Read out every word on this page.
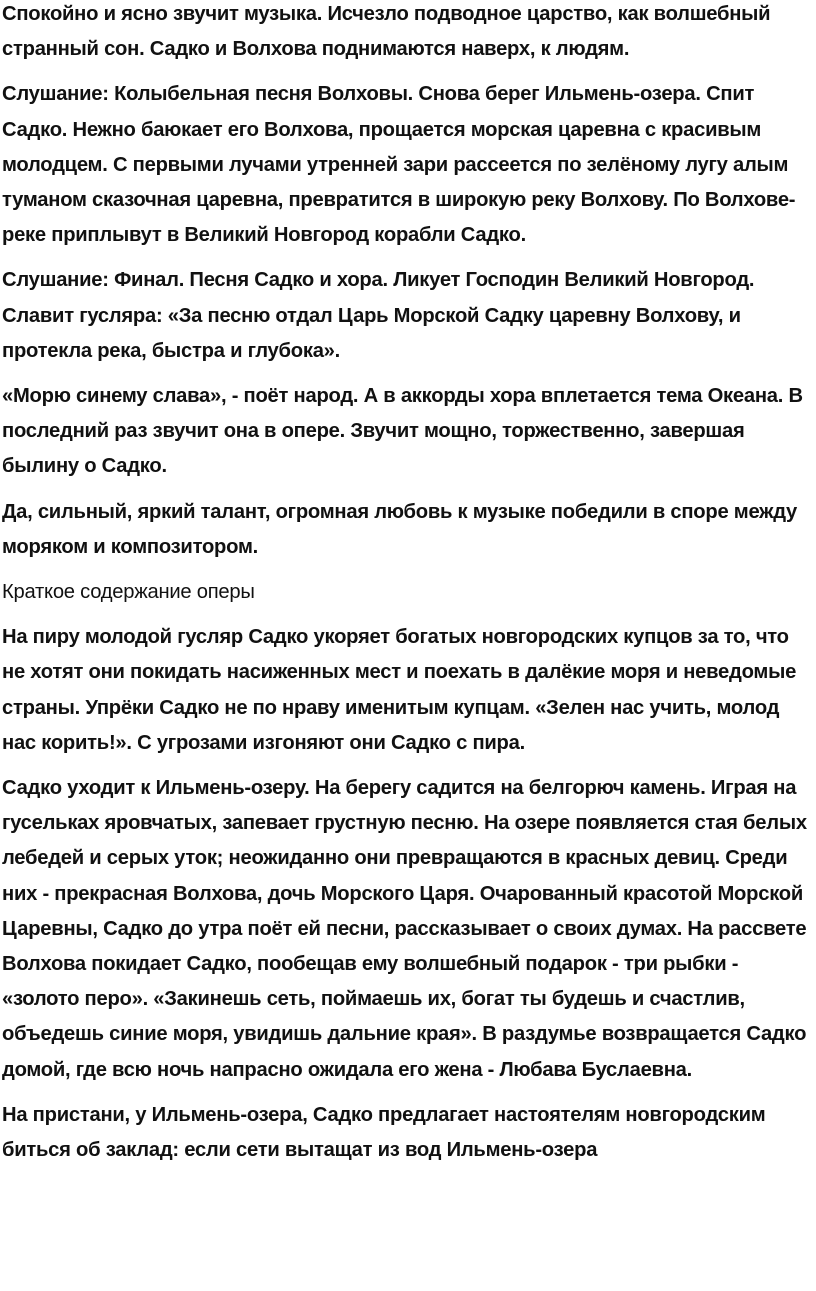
Спокойно и ясно звучит музыка. Исчезло подводное царство, как волшебный странный сон. Садко и Волхова поднимаются наверх, к людям.

Слушание: Колыбельная песня Волховы. Снова берег Ильмень-озера. Спит Садко. Нежно баюкает его Волхова, прощается морская царевна с красивым молодцем. С первыми лучами утренней зари рассеется по зелёному лугу алым туманом сказочная царевна, превратится в широкую реку Волхову. По Волхове-реке приплывут в Великий Новгород корабли Садко.

Слушание: Финал. Песня Садко и хора. Ликует Господин Великий Новгород. Славит гусляра: «За песню отдал Царь Морской Садку царевну Волхову, и протекла река, быстра и глубока».

«Морю синему слава», - поёт народ. А в аккорды хора вплетается тема Океана. В последний раз звучит она в опере. Звучит мощно, торжественно, завершая былину о Садко.

Да, сильный, яркий талант, огромная любовь к музыке победили в споре между моряком и композитором.

Краткое содержание оперы

На пиру молодой гусляр Садко укоряет богатых новгородских купцов за то, что не хотят они покидать насиженных мест и поехать в далёкие моря и неведомые страны. Упрёки Садко не по нраву именитым купцам. «Зелен нас учить, молод нас корить!». С угрозами изгоняют они Садко с пира.

Садко уходит к Ильмень-озеру. На берегу садится на белгорюч камень. Играя на гусельках яровчатых, запевает грустную песню. На озере появляется стая белых лебедей и серых уток; неожиданно они превращаются в красных девиц. Среди них - прекрасная Волхова, дочь Морского Царя. Очарованный красотой Морской Царевны, Садко до утра поёт ей песни, рассказывает о своих думах. На рассвете Волхова покидает Садко, пообещав ему волшебный подарок - три рыбки - «золото перо». «Закинешь сеть, поймаешь их, богат ты будешь и счастлив, объедешь синие моря, увидишь дальние края». В раздумье возвращается Садко домой, где всю ночь напрасно ожидала его жена - Любава Буслаевна.

На пристани, у Ильмень-озера, Садко предлагает настоятелям новгородским биться об заклад: если сети вытащат из вод Ильмень-озера
